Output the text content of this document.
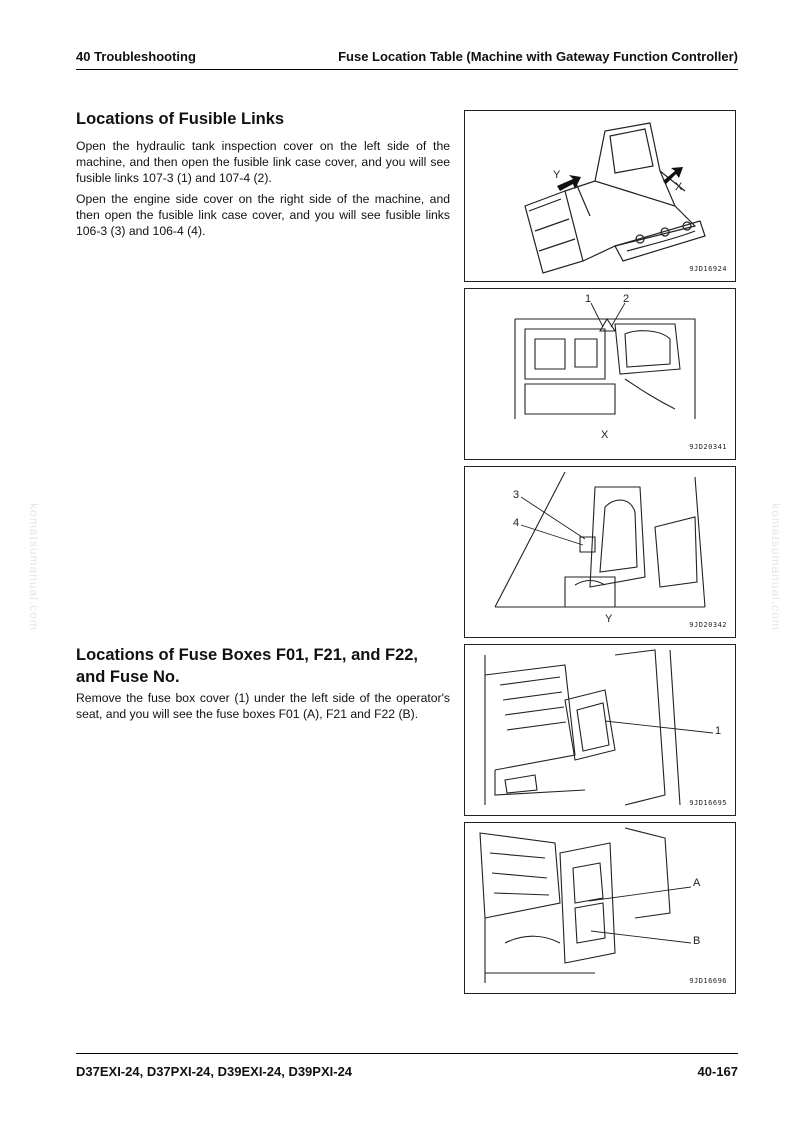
40 Troubleshooting	Fuse Location Table (Machine with Gateway Function Controller)
Locations of Fusible Links

Open the hydraulic tank inspection cover on the left side of the machine, and then open the fusible link case cover, and you will see fusible links 107-3 (1) and 107-4 (2).

Open the engine side cover on the right side of the machine, and then open the fusible link case cover, and you will see fusible links 106-3 (3) and 106-4 (4).

Locations of Fuse Boxes F01, F21, and F22, and Fuse No.

Remove the fuse box cover (1) under the left side of the operator's seat, and you will see the fuse boxes F01 (A), F21 and F22 (B).

Y
X
9JD16924
1	2
X
9JD20341
3
4
Y	9JD20342
1
9JD16695
A
B
9JD16696
komatsumanual.com	komatsumanual.com
D37EXI-24, D37PXI-24, D39EXI-24, D39PXI-24	40-167
